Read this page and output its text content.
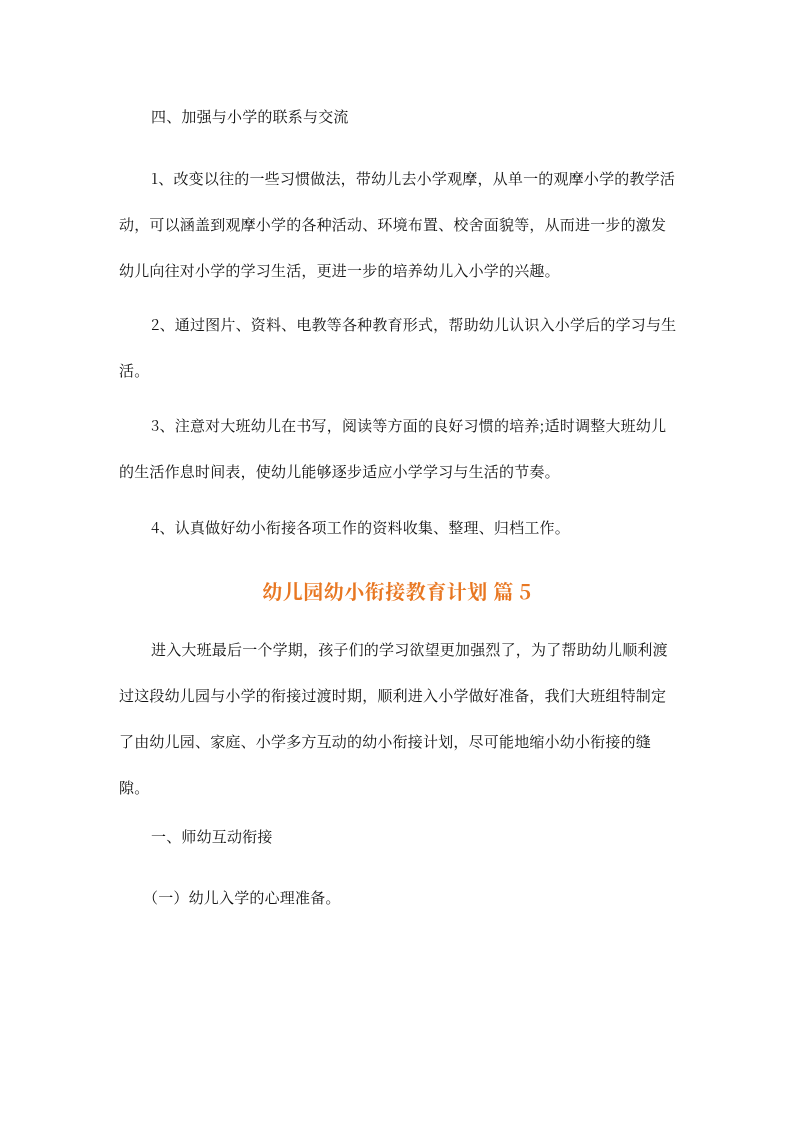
四、加强与小学的联系与交流

1、改变以往的一些习惯做法，带幼儿去小学观摩，从单一的观摩小学的教学活动，可以涵盖到观摩小学的各种活动、环境布置、校舍面貌等，从而进一步的激发幼儿向往对小学的学习生活，更进一步的培养幼儿入小学的兴趣。

2、通过图片、资料、电教等各种教育形式，帮助幼儿认识入小学后的学习与生活。

3、注意对大班幼儿在书写，阅读等方面的良好习惯的培养;适时调整大班幼儿的生活作息时间表，使幼儿能够逐步适应小学学习与生活的节奏。

4、认真做好幼小衔接各项工作的资料收集、整理、归档工作。

幼儿园幼小衔接教育计划 篇 5

进入大班最后一个学期，孩子们的学习欲望更加强烈了，为了帮助幼儿顺利渡过这段幼儿园与小学的衔接过渡时期，顺利进入小学做好准备，我们大班组特制定了由幼儿园、家庭、小学多方互动的幼小衔接计划，尽可能地缩小幼小衔接的缝隙。

一、师幼互动衔接

（一）幼儿入学的心理准备。
